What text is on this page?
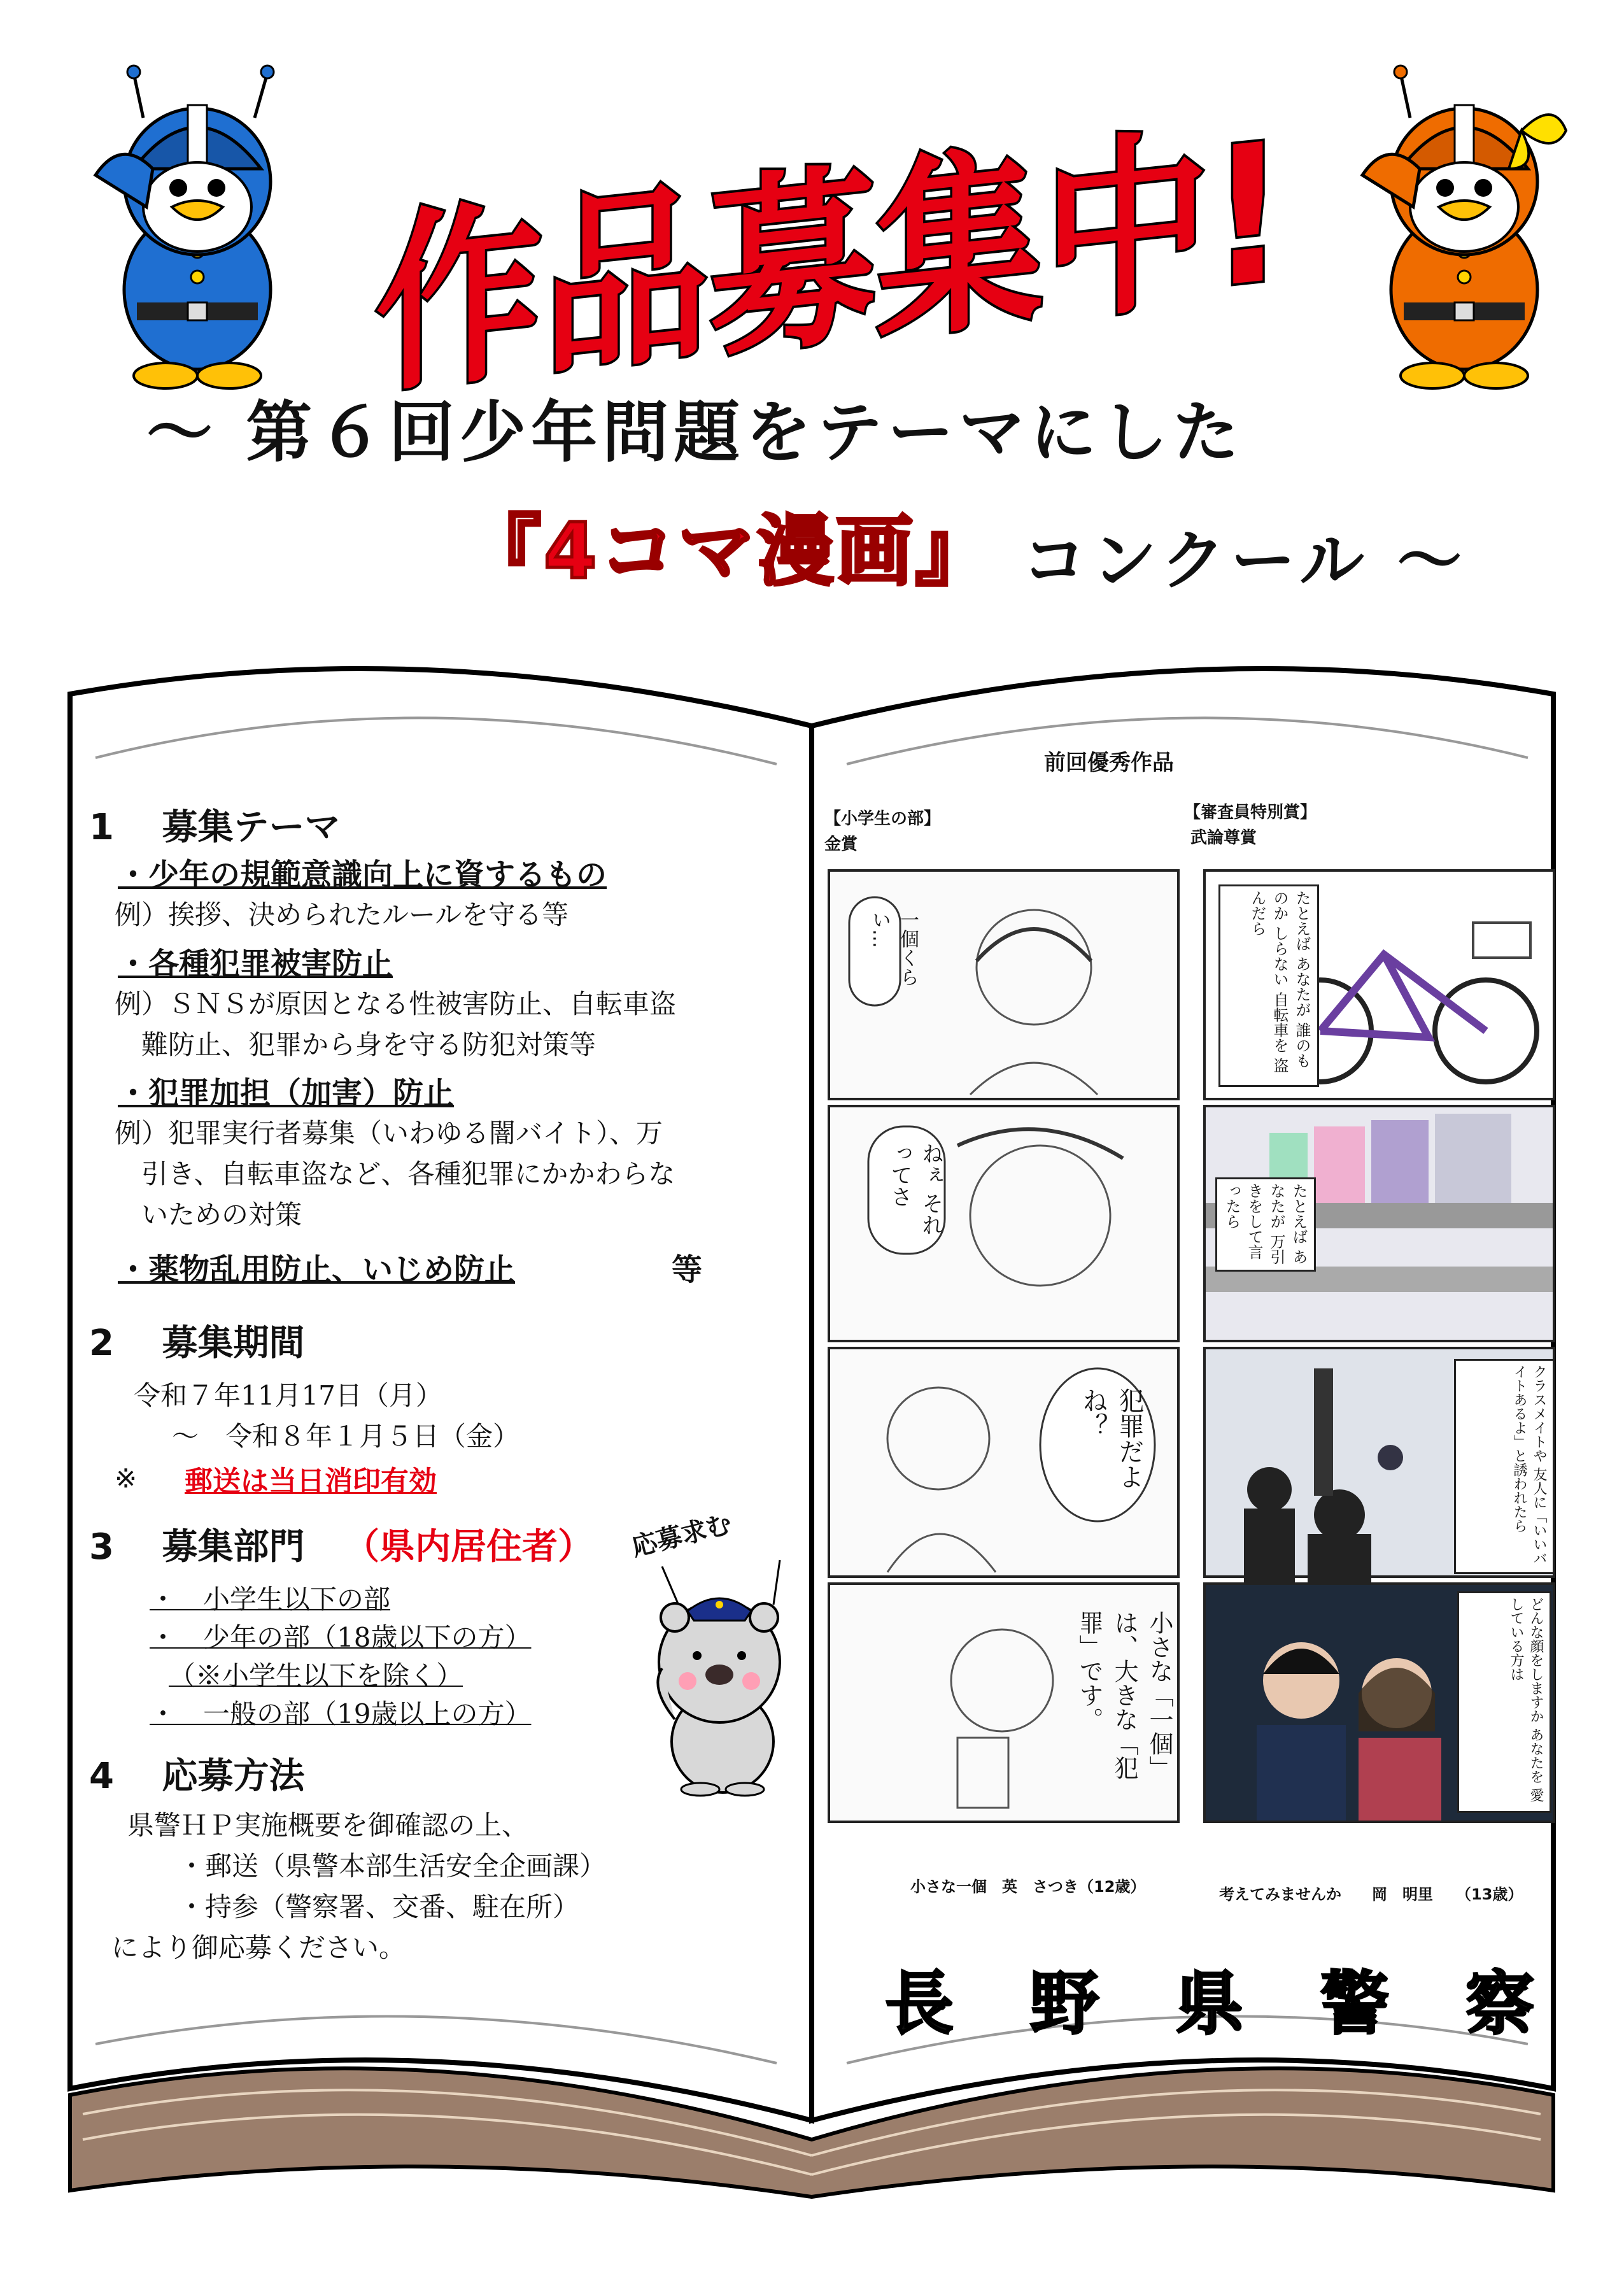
作品募集中!
～ 第６回少年問題をテーマにした
『4コマ漫画』 コンクール ～
1　 募集テーマ
・少年の規範意識向上に資するもの
例）挨拶、決められたルールを守る等
・各種犯罪被害防止
例）ＳＮＳが原因となる性被害防止、自転車盗
　難防止、犯罪から身を守る防犯対策等
・犯罪加担（加害）防止
例）犯罪実行者募集（いわゆる闇バイト）、万
　引き、自転車盗など、各種犯罪にかかわらな
　いための対策
・薬物乱用防止、いじめ防止	等
2　 募集期間
令和７年11月17日（月）
～　令和８年１月５日（金）
※	郵送は当日消印有効
3　 募集部門	（県内居住者）
・　小学生以下の部
・　少年の部（18歳以下の方）
（※小学生以下を除く）
・　一般の部（19歳以上の方）
4　 応募方法
県警ＨＰ実施概要を御確認の上、
・郵送（県警本部生活安全企画課）
・持参（警察署、交番、駐在所）
により御応募ください。
応募求む
前回優秀作品
【小学生の部】
金賞
【審査員特別賞】
武論尊賞
一個くらい…
ねぇ それってさ
犯罪だよね？
小さな「一個」は、大きな「犯罪」です。
たとえば あなたが 誰のものか しらない 自転車を 盗んだら
たとえば あなたが 万引きをして言ったら
クラスメイトや 友人に「いいバイトあるよ」と誘われたら
どんな顔をしますか あなたを 愛している方は
小さな一個　英　さつき（12歳）	考えてみませんか　　岡　明里　　（13歳）
長野県警察
